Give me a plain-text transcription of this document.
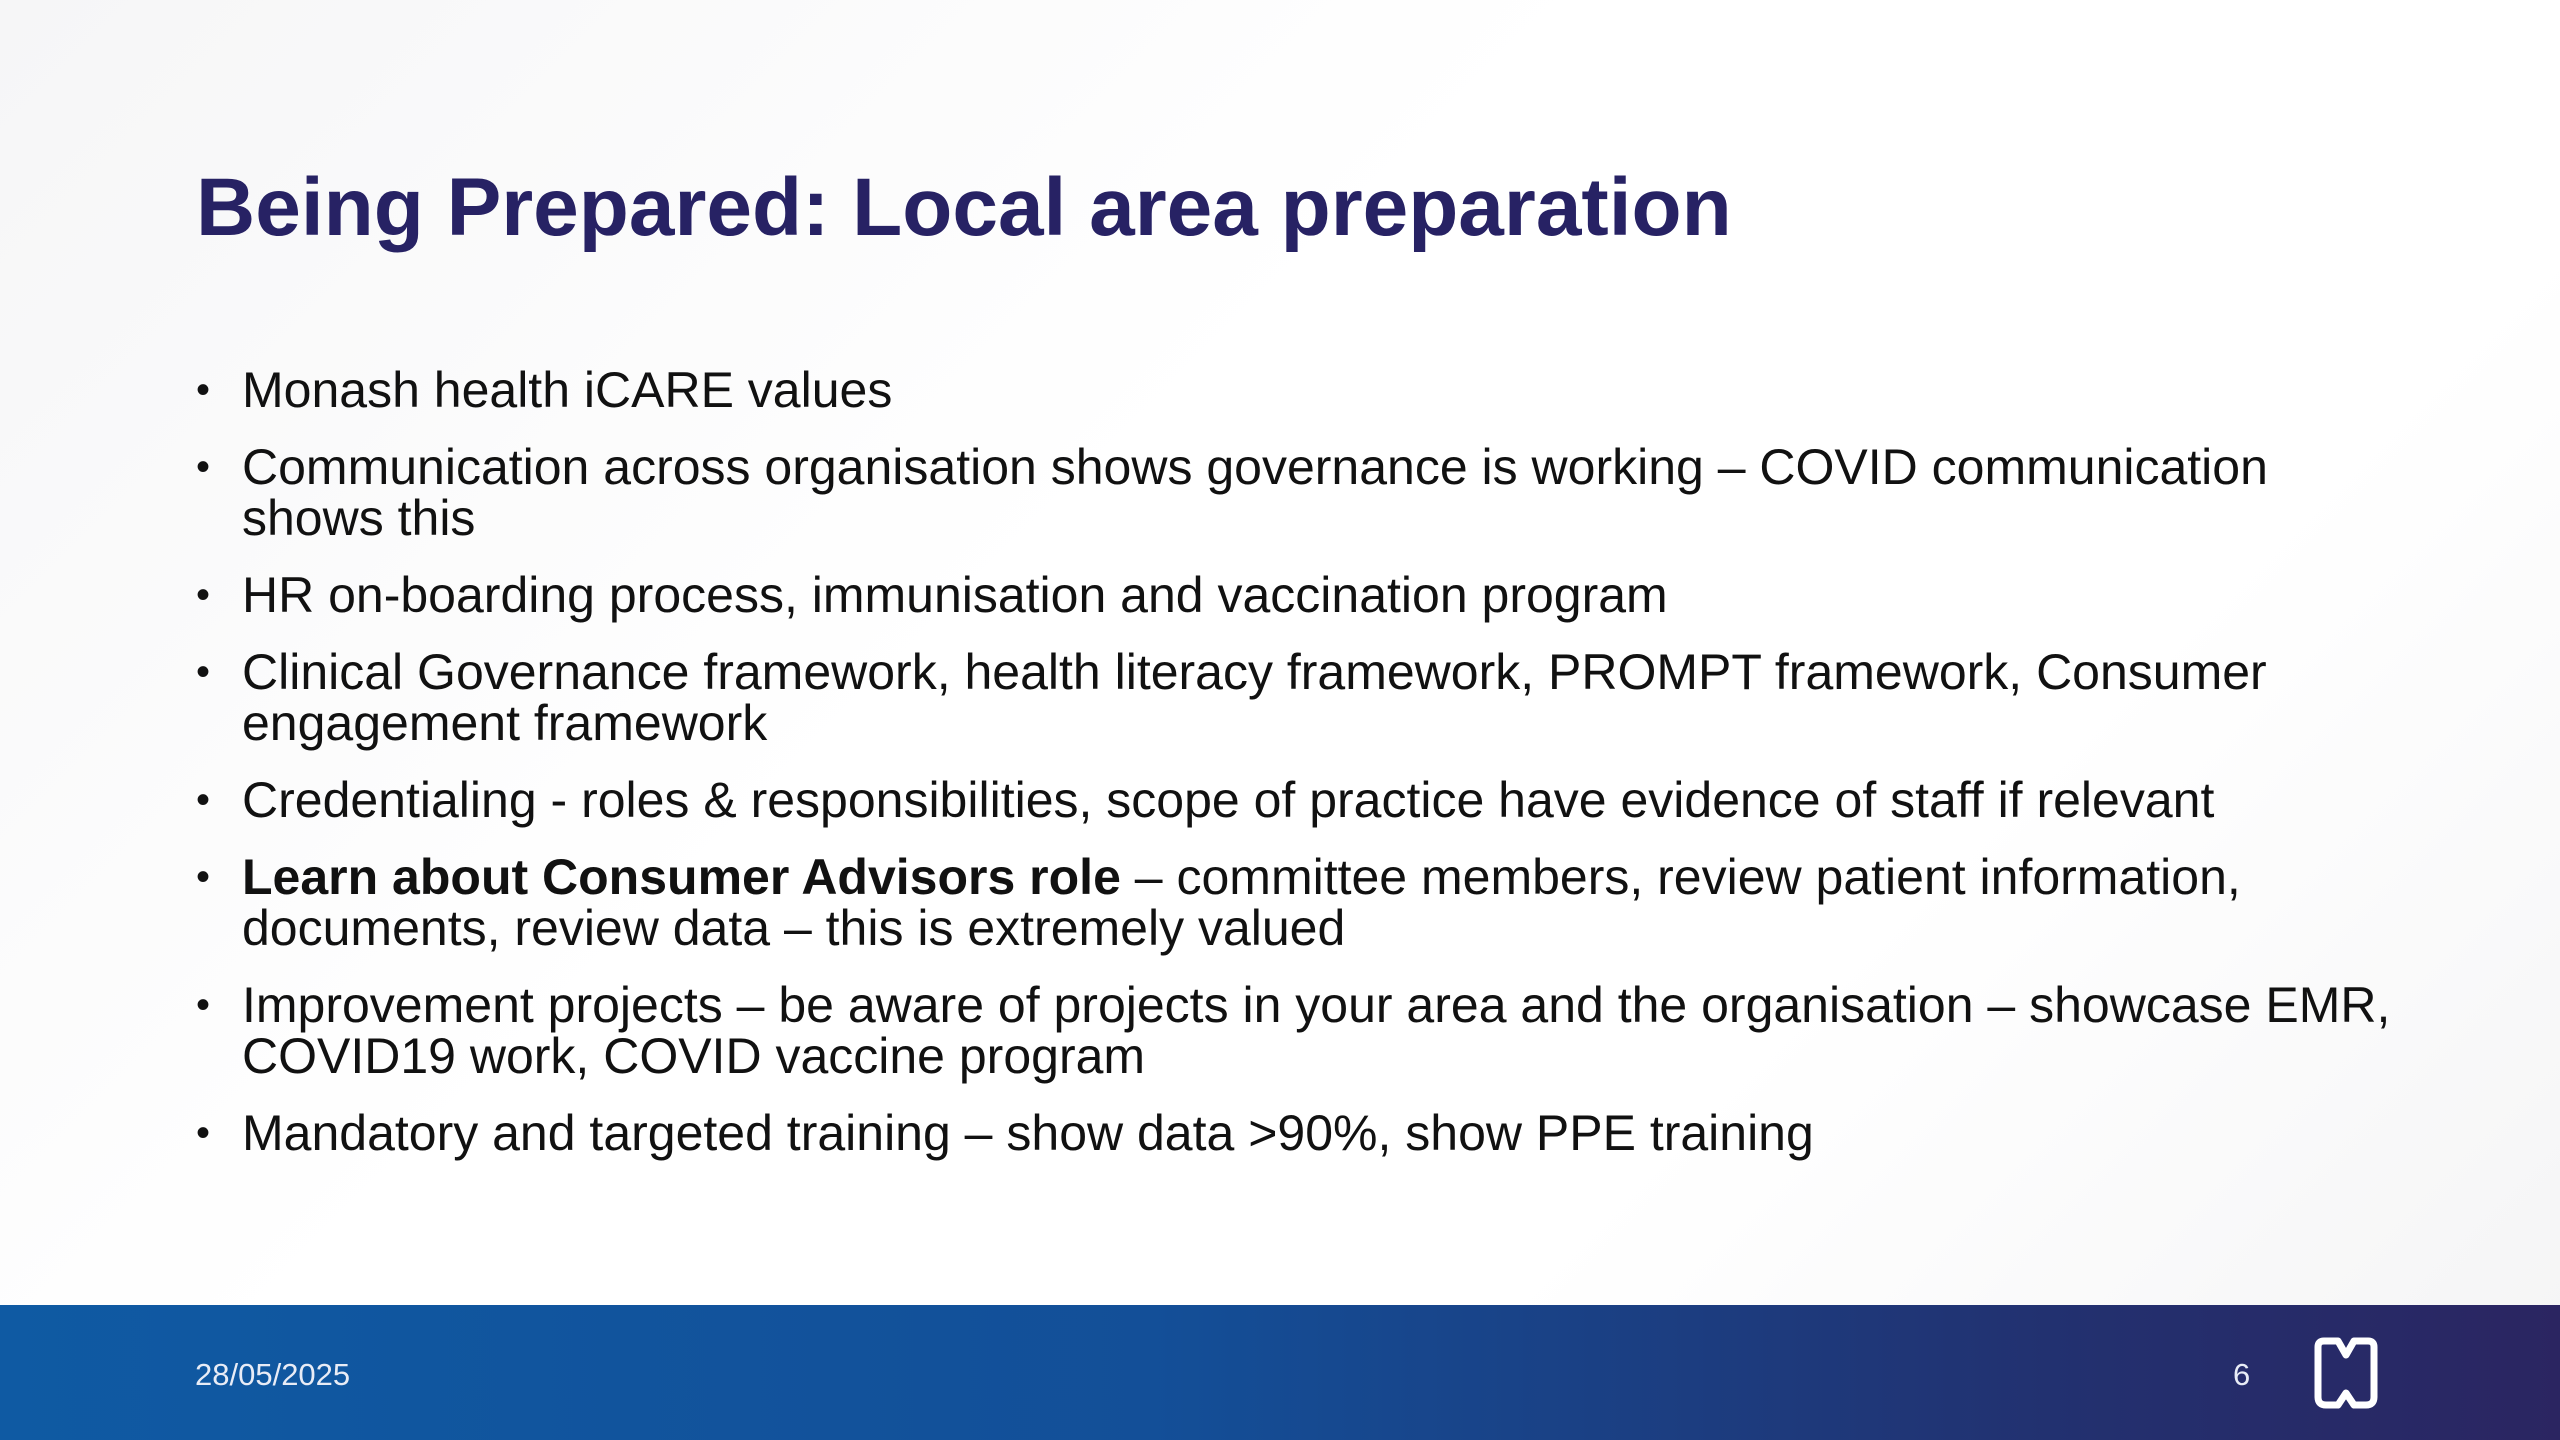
Being Prepared: Local area preparation
• Monash health iCARE values
• Communication across organisation shows governance is working – COVID communication shows this
• HR on-boarding process, immunisation and vaccination program
• Clinical Governance framework, health literacy framework, PROMPT framework, Consumer engagement framework
• Credentialing - roles & responsibilities, scope of practice have evidence of staff if relevant
• Learn about Consumer Advisors role – committee members, review patient information, documents, review data – this is extremely valued
• Improvement projects – be aware of projects in your area and the organisation – showcase EMR, COVID19 work, COVID vaccine program
• Mandatory and targeted training – show data >90%, show PPE training
28/05/2025	6
